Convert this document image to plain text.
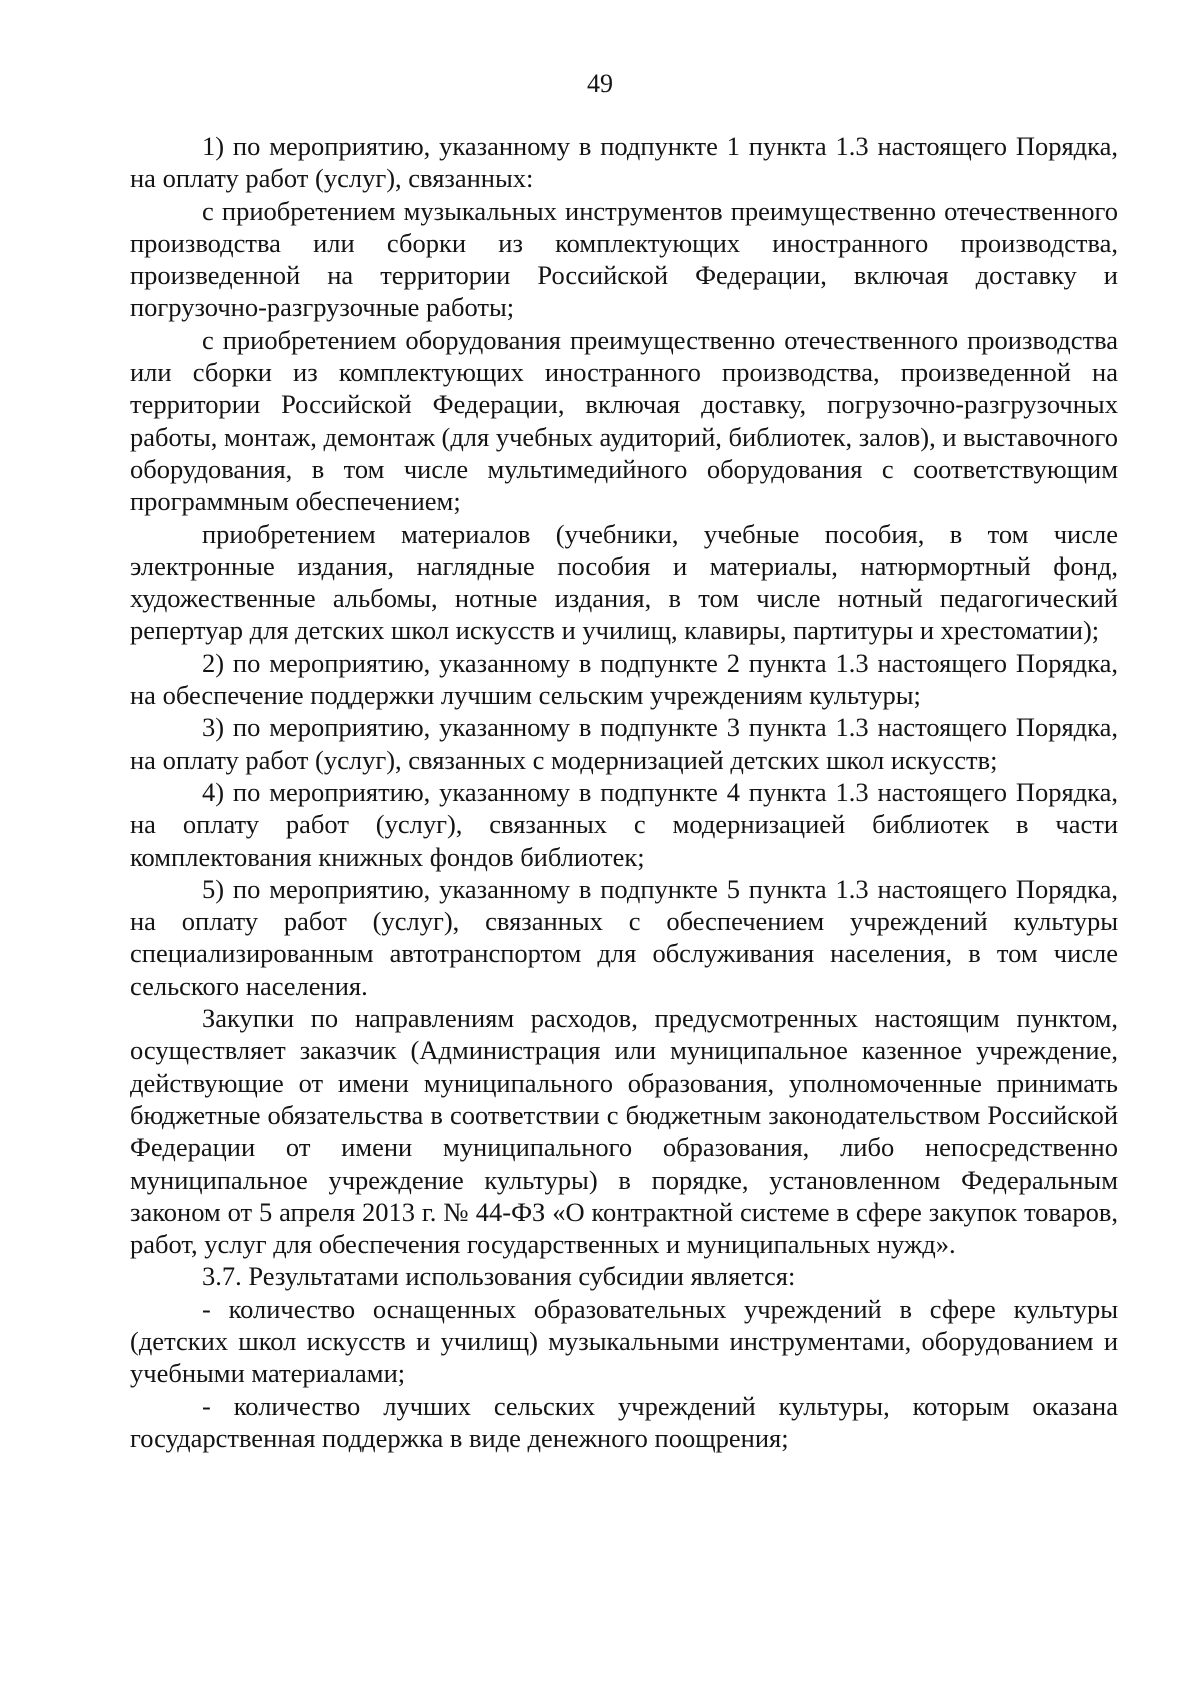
49

1) по мероприятию, указанному в подпункте 1 пункта 1.3 настоящего Порядка, на оплату работ (услуг), связанных:

с приобретением музыкальных инструментов преимущественно отечественного производства или сборки из комплектующих иностранного производства, произведенной на территории Российской Федерации, включая доставку и погрузочно-разгрузочные работы;

с приобретением оборудования преимущественно отечественного производства или сборки из комплектующих иностранного производства, произведенной на территории Российской Федерации, включая доставку, погрузочно-разгрузочных работы, монтаж, демонтаж (для учебных аудиторий, библиотек, залов), и выставочного оборудования, в том числе мультимедийного оборудования с соответствующим программным обеспечением;

приобретением материалов (учебники, учебные пособия, в том числе электронные издания, наглядные пособия и материалы, натюрмортный фонд, художественные альбомы, нотные издания, в том числе нотный педагогический репертуар для детских школ искусств и училищ, клавиры, партитуры и хрестоматии);

2) по мероприятию, указанному в подпункте 2 пункта 1.3 настоящего Порядка, на обеспечение поддержки лучшим сельским учреждениям культуры;

3) по мероприятию, указанному в подпункте 3 пункта 1.3 настоящего Порядка, на оплату работ (услуг), связанных с модернизацией детских школ искусств;

4) по мероприятию, указанному в подпункте 4 пункта 1.3 настоящего Порядка, на оплату работ (услуг), связанных с модернизацией библиотек в части комплектования книжных фондов библиотек;

5) по мероприятию, указанному в подпункте 5 пункта 1.3 настоящего Порядка, на оплату работ (услуг), связанных с обеспечением учреждений культуры специализированным автотранспортом для обслуживания населения, в том числе сельского населения.

Закупки по направлениям расходов, предусмотренных настоящим пунктом, осуществляет заказчик (Администрация или муниципальное казенное учреждение, действующие от имени муниципального образования, уполномоченные принимать бюджетные обязательства в соответствии с бюджетным законодательством Российской Федерации от имени муниципального образования, либо непосредственно муниципальное учреждение культуры) в порядке, установленном Федеральным законом от 5 апреля 2013 г. № 44-ФЗ «О контрактной системе в сфере закупок товаров, работ, услуг для обеспечения государственных и муниципальных нужд».

3.7. Результатами использования субсидии является:

- количество оснащенных образовательных учреждений в сфере культуры (детских школ искусств и училищ) музыкальными инструментами, оборудованием и учебными материалами;

- количество лучших сельских учреждений культуры, которым оказана государственная поддержка в виде денежного поощрения;
